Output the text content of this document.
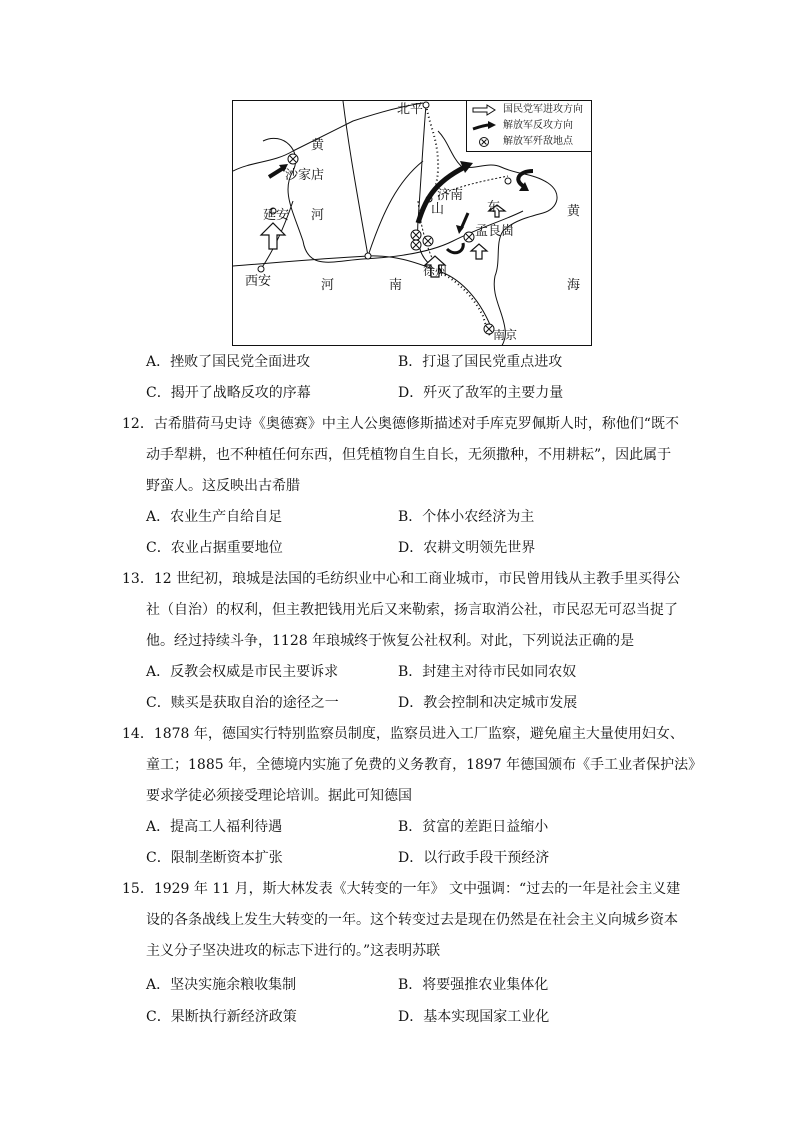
北平
黄
沙家店
延安 河
西安	河	南
济南
山	东
孟良崮
徐州
黄
海
南京
国民党军进攻方向
解放军反攻方向
解放军歼敌地点
A．挫败了国民党全面进攻	B．打退了国民党重点进攻
C．揭开了战略反攻的序幕	D．歼灭了敌军的主要力量
12．古希腊荷马史诗《奥德赛》中主人公奥德修斯描述对手库克罗佩斯人时，称他们“既不
动手犁耕，也不种植任何东西，但凭植物自生自长，无须撒种，不用耕耘”，因此属于
野蛮人。这反映出古希腊
A．农业生产自给自足	B．个体小农经济为主
C．农业占据重要地位	D．农耕文明领先世界
13．12 世纪初，琅城是法国的毛纺织业中心和工商业城市，市民曾用钱从主教手里买得公
社（自治）的权利，但主教把钱用光后又来勒索，扬言取消公社，市民忍无可忍当捉了
他。经过持续斗争，1128 年琅城终于恢复公社权利。对此，下列说法正确的是
A．反教会权威是市民主要诉求	B．封建主对待市民如同农奴
C．赎买是获取自治的途径之一	D．教会控制和决定城市发展
14．1878 年，德国实行特别监察员制度，监察员进入工厂监察，避免雇主大量使用妇女、
童工；1885 年，全德境内实施了免费的义务教育，1897 年德国颁布《手工业者保护法》
要求学徒必须接受理论培训。据此可知德国
A．提高工人福利待遇	B．贫富的差距日益缩小
C．限制垄断资本扩张	D．以行政手段干预经济
15．1929 年 11 月，斯大林发表《大转变的一年》 文中强调：“过去的一年是社会主义建
设的各条战线上发生大转变的一年。这个转变过去是现在仍然是在社会主义向城乡资本
主义分子坚决进攻的标志下进行的。”这表明苏联
A．坚决实施余粮收集制	B．将要强推农业集体化
C．果断执行新经济政策	D．基本实现国家工业化
